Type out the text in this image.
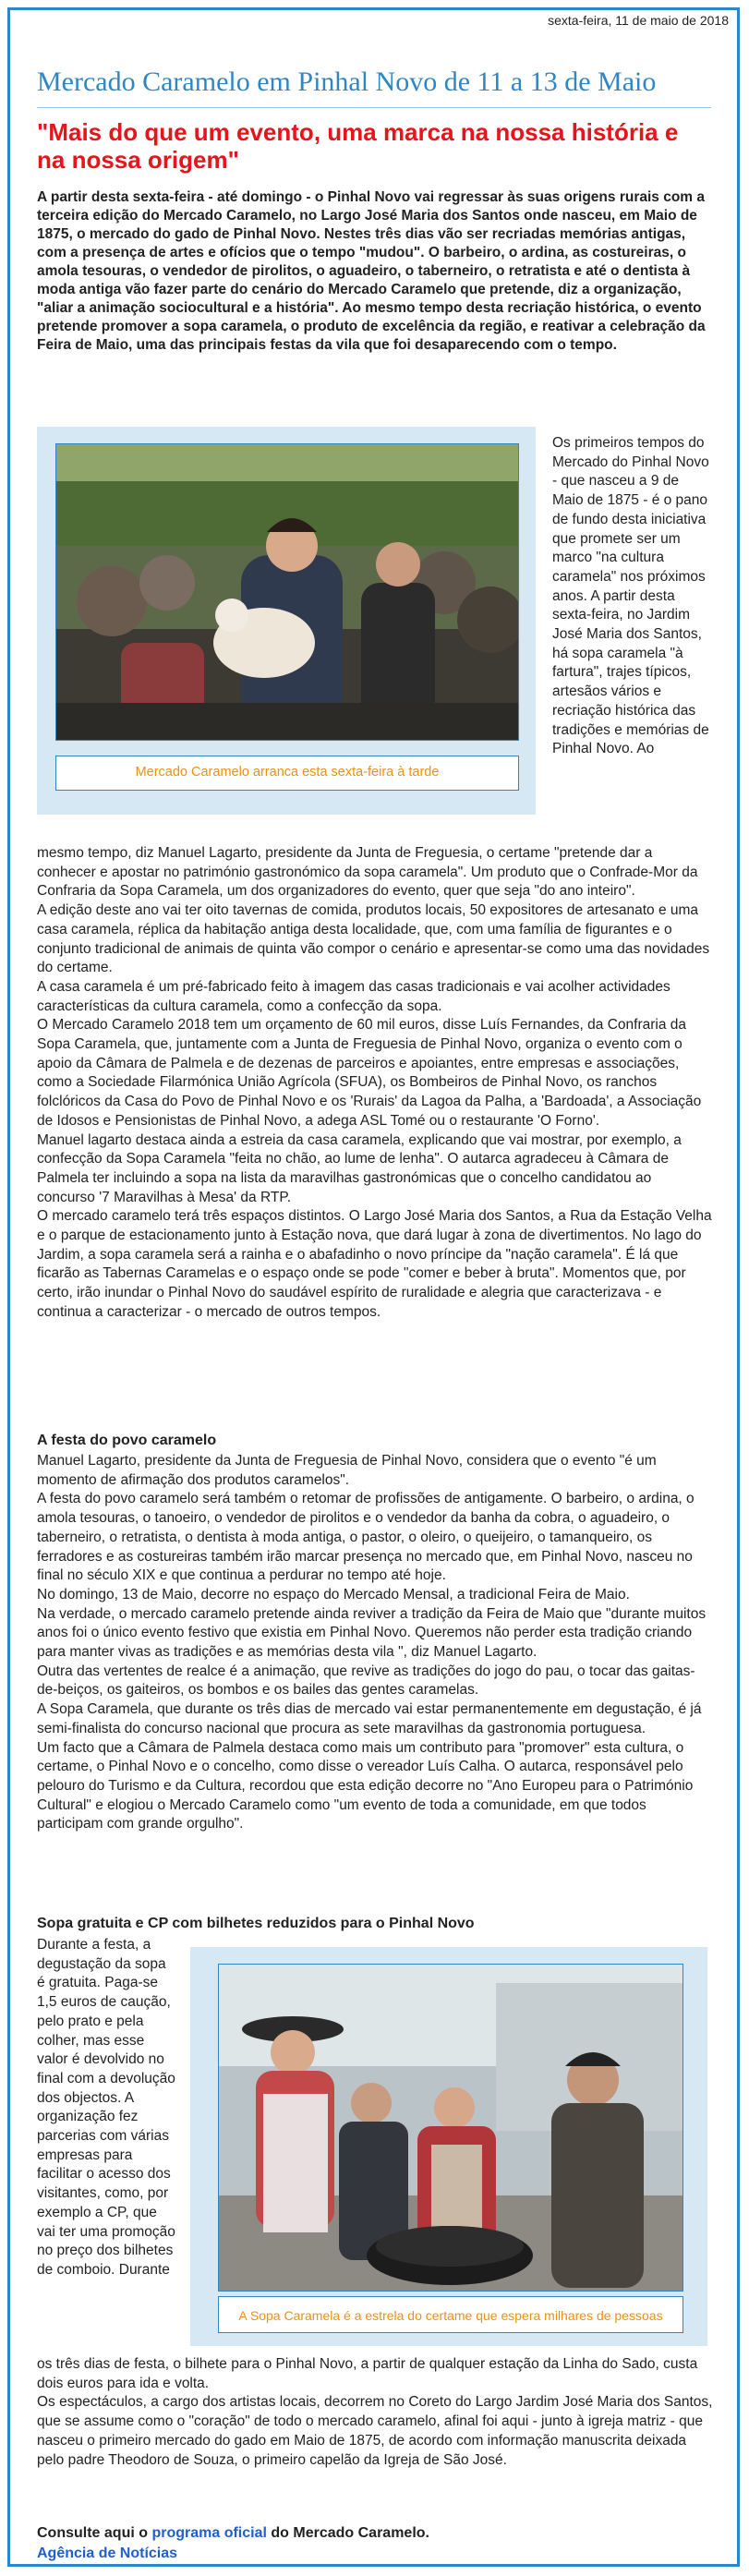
sexta-feira, 11 de maio de 2018
Mercado Caramelo em Pinhal Novo de 11 a 13 de Maio
"Mais do que um evento, uma marca na nossa história e na nossa origem"

A partir desta sexta-feira - até domingo - o Pinhal Novo vai regressar às suas origens rurais com a terceira edição do Mercado Caramelo, no Largo José Maria dos Santos onde nasceu, em Maio de 1875, o mercado do gado de Pinhal Novo. Nestes três dias vão ser recriadas memórias antigas, com a presença de artes e ofícios que o tempo "mudou". O barbeiro, o ardina, as costureiras, o amola tesouras, o vendedor de pirolitos, o aguadeiro, o taberneiro, o retratista e até o dentista à moda antiga vão fazer parte do cenário do Mercado Caramelo que pretende, diz a organização, "aliar a animação sociocultural e a história". Ao mesmo tempo desta recriação histórica, o evento pretende promover a sopa caramela, o produto de excelência da região, e reativar a celebração da Feira de Maio, uma das principais festas da vila que foi desaparecendo com o tempo.

Mercado Caramelo arranca esta sexta-feira à tarde

Os primeiros tempos do Mercado do Pinhal Novo - que nasceu a 9 de Maio de 1875 - é o pano de fundo desta iniciativa que promete ser um marco "na cultura caramela" nos próximos anos. A partir desta sexta-feira, no Jardim José Maria dos Santos, há sopa caramela "à fartura", trajes típicos, artesãos vários e recriação histórica das tradições e memórias de Pinhal Novo. Ao

mesmo tempo, diz Manuel Lagarto, presidente da Junta de Freguesia, o certame "pretende dar a conhecer e apostar no património gastronómico da sopa caramela". Um produto que o Confrade-Mor da Confraria da Sopa Caramela, um dos organizadores do evento, quer que seja "do ano inteiro".

A edição deste ano vai ter oito tavernas de comida, produtos locais, 50 expositores de artesanato e uma casa caramela, réplica da habitação antiga desta localidade, que, com uma família de figurantes e o conjunto tradicional de animais de quinta vão compor o cenário e apresentar-se como uma das novidades do certame.

A casa caramela é um pré-fabricado feito à imagem das casas tradicionais e vai acolher actividades características da cultura caramela, como a confecção da sopa.

O Mercado Caramelo 2018 tem um orçamento de 60 mil euros, disse Luís Fernandes, da Confraria da Sopa Caramela, que, juntamente com a Junta de Freguesia de Pinhal Novo, organiza o evento com o apoio da Câmara de Palmela e de dezenas de parceiros e apoiantes, entre empresas e associações, como a Sociedade Filarmónica União Agrícola (SFUA), os Bombeiros de Pinhal Novo, os ranchos folclóricos da Casa do Povo de Pinhal Novo e os 'Rurais' da Lagoa da Palha, a 'Bardoada', a Associação de Idosos e Pensionistas de Pinhal Novo, a adega ASL Tomé ou o restaurante 'O Forno'.

Manuel lagarto destaca ainda a estreia da casa caramela, explicando que vai mostrar, por exemplo, a confecção da Sopa Caramela "feita no chão, ao lume de lenha". O autarca agradeceu à Câmara de Palmela ter incluindo a sopa na lista da maravilhas gastronómicas que o concelho candidatou ao concurso '7 Maravilhas à Mesa' da RTP.

O mercado caramelo terá três espaços distintos. O Largo José Maria dos Santos, a Rua da Estação Velha e o parque de estacionamento junto à Estação nova, que dará lugar à zona de divertimentos. No lago do Jardim, a sopa caramela será a rainha e o abafadinho o novo príncipe da "nação caramela". É lá que ficarão as Tabernas Caramelas e o espaço onde se pode "comer e beber à bruta". Momentos que, por certo, irão inundar o Pinhal Novo do saudável espírito de ruralidade e alegria que caracterizava - e continua a caracterizar - o mercado de outros tempos.

A festa do povo caramelo

Manuel Lagarto, presidente da Junta de Freguesia de Pinhal Novo, considera que o evento "é um momento de afirmação dos produtos caramelos".

A festa do povo caramelo será também o retomar de profissões de antigamente. O barbeiro, o ardina, o amola tesouras, o tanoeiro, o vendedor de pirolitos e o vendedor da banha da cobra, o aguadeiro, o taberneiro, o retratista, o dentista à moda antiga, o pastor, o oleiro, o queijeiro, o tamanqueiro, os ferradores e as costureiras também irão marcar presença no mercado que, em Pinhal Novo, nasceu no final no século XIX e que continua a perdurar no tempo até hoje.

No domingo, 13 de Maio, decorre no espaço do Mercado Mensal, a tradicional Feira de Maio.

Na verdade, o mercado caramelo pretende ainda reviver a tradição da Feira de Maio que "durante muitos anos foi o único evento festivo que existia em Pinhal Novo. Queremos não perder esta tradição criando para manter vivas as tradições e as memórias desta vila ", diz Manuel Lagarto.

Outra das vertentes de realce é a animação, que revive as tradições do jogo do pau, o tocar das gaitas-de-beiços, os gaiteiros, os bombos e os bailes das gentes caramelas.

A Sopa Caramela, que durante os três dias de mercado vai estar permanentemente em degustação, é já semi-finalista do concurso nacional que procura as sete maravilhas da gastronomia portuguesa.

Um facto que a Câmara de Palmela destaca como mais um contributo para "promover" esta cultura, o certame, o Pinhal Novo e o concelho, como disse o vereador Luís Calha. O autarca, responsável pelo pelouro do Turismo e da Cultura, recordou que esta edição decorre no "Ano Europeu para o Património Cultural" e elogiou o Mercado Caramelo como "um evento de toda a comunidade, em que todos participam com grande orgulho".

Sopa gratuita e CP com bilhetes reduzidos para o Pinhal Novo

Durante a festa, a degustação da sopa é gratuita. Paga-se 1,5 euros de caução, pelo prato e pela colher, mas esse valor é devolvido no final com a devolução dos objectos. A organização fez parcerias com várias empresas para facilitar o acesso dos visitantes, como, por exemplo a CP, que vai ter uma promoção no preço dos bilhetes de comboio. Durante

A Sopa Caramela é a estrela do certame que espera milhares de pessoas

os três dias de festa, o bilhete para o Pinhal Novo, a partir de qualquer estação da Linha do Sado, custa dois euros para ida e volta.

Os espectáculos, a cargo dos artistas locais, decorrem no Coreto do Largo Jardim José Maria dos Santos, que se assume como o "coração" de todo o mercado caramelo, afinal foi aqui - junto à igreja matriz - que nasceu o primeiro mercado do gado em Maio de 1875, de acordo com informação manuscrita deixada pelo padre Theodoro de Souza, o primeiro capelão da Igreja de São José.

Consulte aqui o programa oficial do Mercado Caramelo.
Agência de Notícias
